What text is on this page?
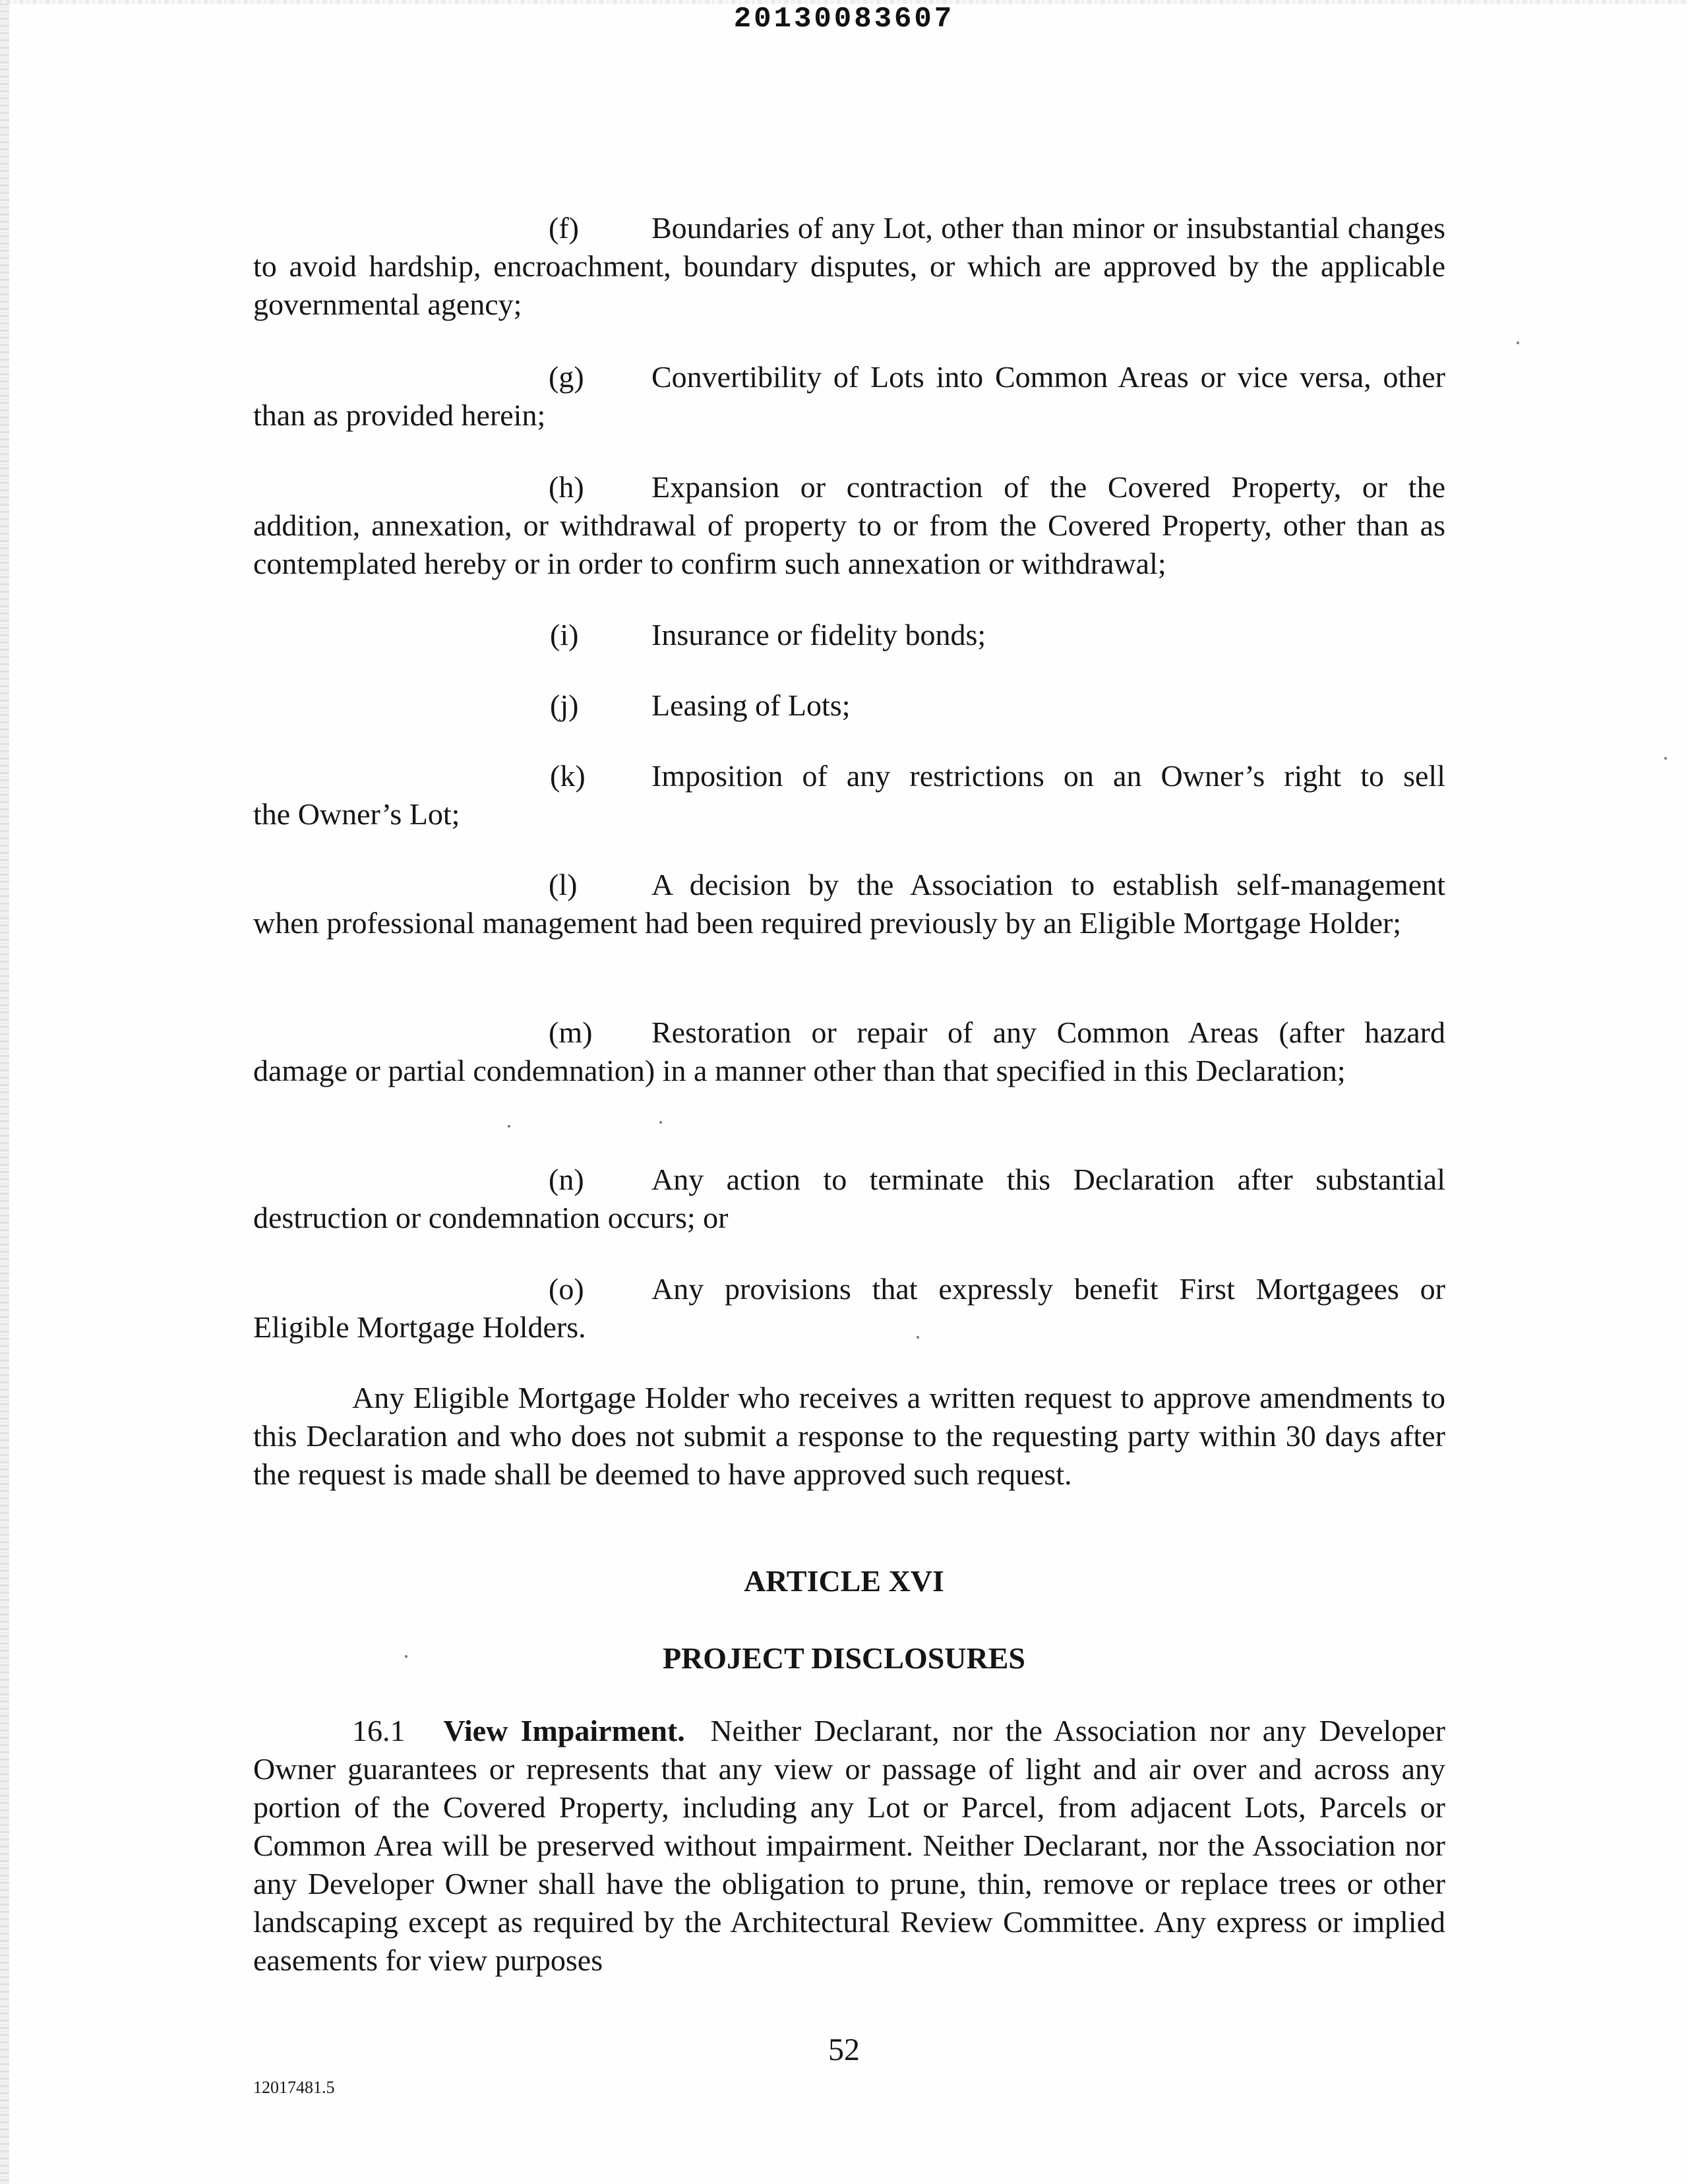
20130083607
(f) Boundaries of any Lot, other than minor or insubstantial changes to avoid hardship, encroachment, boundary disputes, or which are approved by the applicable governmental agency;
(g) Convertibility of Lots into Common Areas or vice versa, other than as provided herein;
(h) Expansion or contraction of the Covered Property, or the addition, annexation, or withdrawal of property to or from the Covered Property, other than as contemplated hereby or in order to confirm such annexation or withdrawal;
(i) Insurance or fidelity bonds;
(j) Leasing of Lots;
(k) Imposition of any restrictions on an Owner’s right to sell
the Owner’s Lot;
(l) A decision by the Association to establish self-management when professional management had been required previously by an Eligible Mortgage Holder;
(m) Restoration or repair of any Common Areas (after hazard damage or partial condemnation) in a manner other than that specified in this Declaration;
(n) Any action to terminate this Declaration after substantial destruction or condemnation occurs; or
(o) Any provisions that expressly benefit First Mortgagees or Eligible Mortgage Holders.
Any Eligible Mortgage Holder who receives a written request to approve amendments to this Declaration and who does not submit a response to the requesting party within 30 days after the request is made shall be deemed to have approved such request.
ARTICLE XVI
PROJECT DISCLOSURES
16.1 View Impairment. Neither Declarant, nor the Association nor any Developer Owner guarantees or represents that any view or passage of light and air over and across any portion of the Covered Property, including any Lot or Parcel, from adjacent Lots, Parcels or Common Area will be preserved without impairment. Neither Declarant, nor the Association nor any Developer Owner shall have the obligation to prune, thin, remove or replace trees or other landscaping except as required by the Architectural Review Committee. Any express or implied easements for view purposes
52
12017481.5
